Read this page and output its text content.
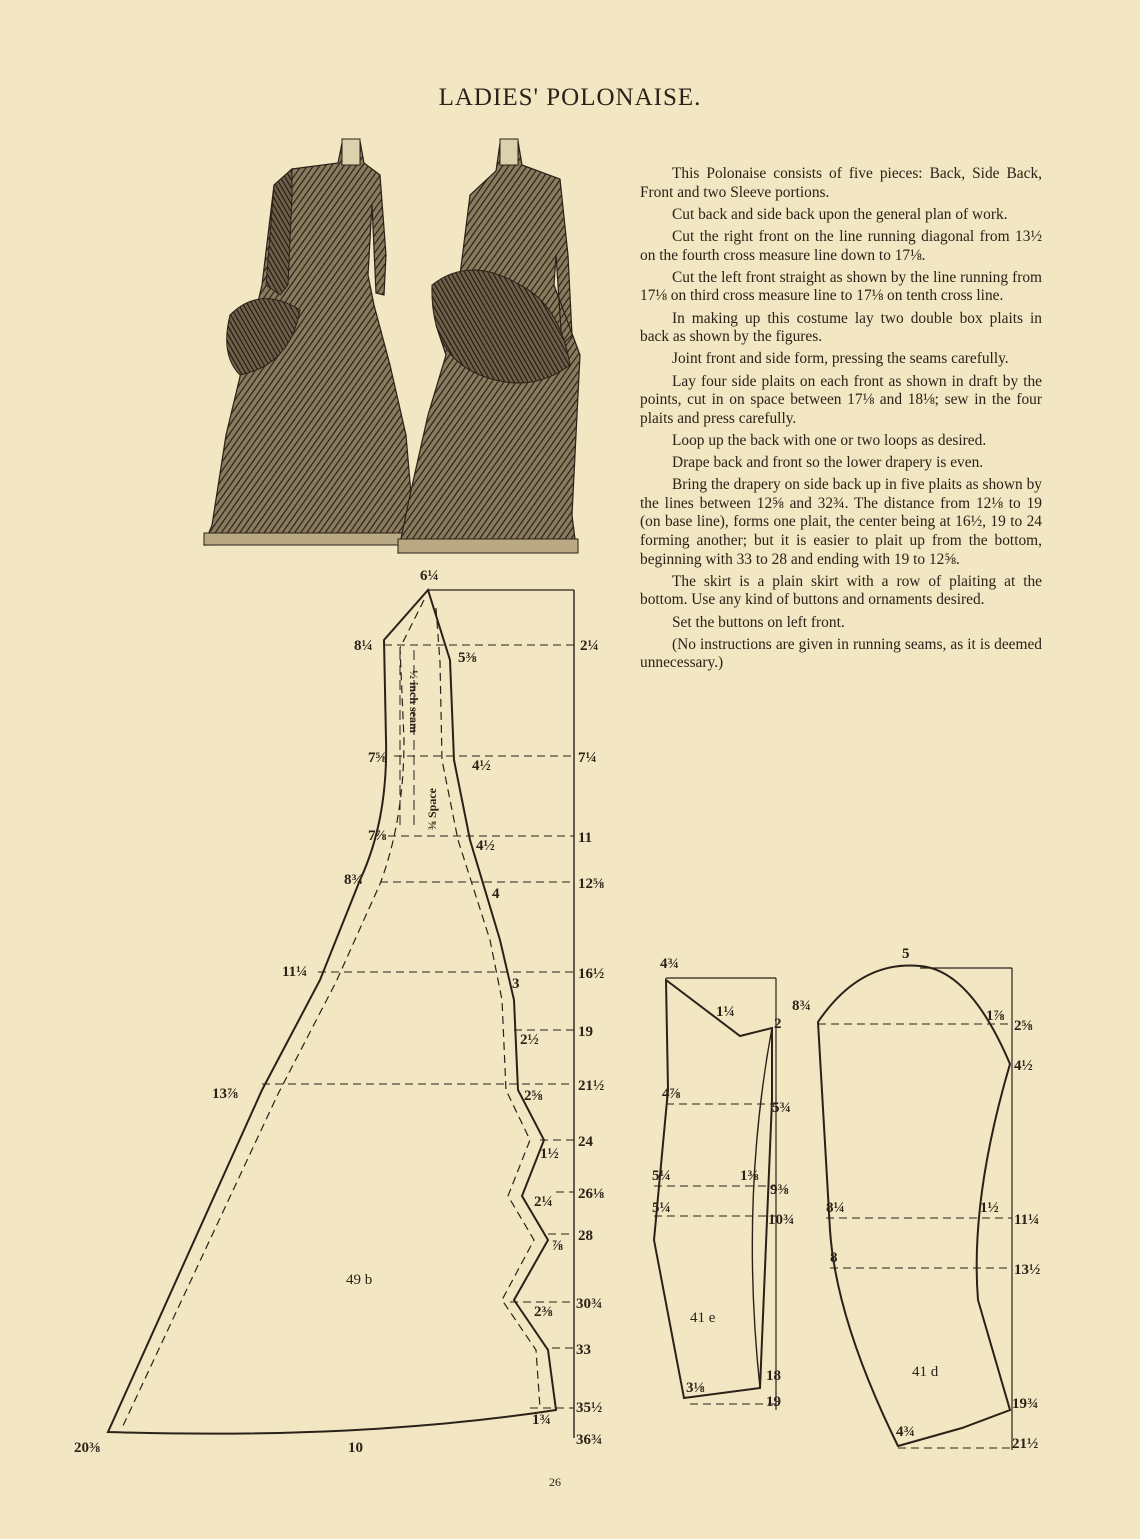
LADIES' POLONAISE.

This Polonaise consists of five pieces: Back, Side Back, Front and two Sleeve portions.

Cut back and side back upon the general plan of work.

Cut the right front on the line running diagonal from 13½ on the fourth cross measure line down to 17⅛.

Cut the left front straight as shown by the line running from 17⅛ on third cross measure line to 17⅛ on tenth cross line.

In making up this costume lay two double box plaits in back as shown by the figures.

Joint front and side form, pressing the seams carefully.

Lay four side plaits on each front as shown in draft by the points, cut in on space between 17⅛ and 18⅛; sew in the four plaits and press carefully.

Loop up the back with one or two loops as desired.

Drape back and front so the lower drapery is even.

Bring the drapery on side back up in five plaits as shown by the lines between 12⅝ and 32¾. The distance from 12⅛ to 19 (on base line), forms one plait, the center being at 16½, 19 to 24 forming another; but it is easier to plait up from the bottom, beginning with 33 to 28 and ending with 19 to 12⅝.

The skirt is a plain skirt with a row of plaiting at the bottom. Use any kind of buttons and ornaments desired.

Set the buttons on left front.

(No instructions are given in running seams, as it is deemed unnecessary.)

6¼
½ inch seam
⅜ Space
8¼
7⅝
7⅞
8¾
11¼
13⅞
20⅜
5⅜
4½
4½
4
3
2½
2⅝
1½
2¼
⅞
2⅜
1¾
2¼
7¼
11
12⅝
16½
19
21½
24
26⅛
28
30¾
33
35½
36¾
10
49 b
4¾
1¼
2
4⅞
5¾
5¼	1⅜
9⅜
5¼
10¾
3⅛
18
19
41 e
5
8¾
1⅞
2⅝
4½
8¼	1½
11¼
8
13½
4¾
19¾
21½
41 d
26
